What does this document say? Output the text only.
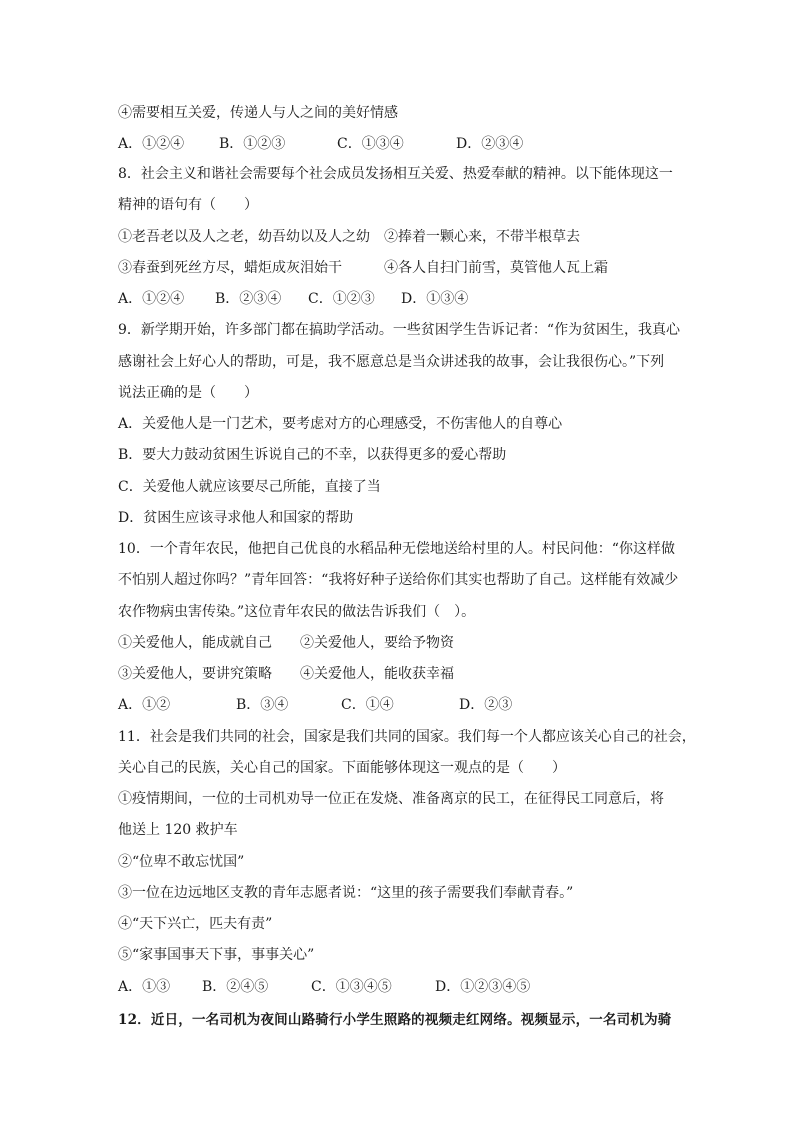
④需要相互关爱，传递人与人之间的美好情感
A．①②④ B．①②③	C．①③④	D．②③④
8．社会主义和谐社会需要每个社会成员发扬相互关爱、热爱奉献的精神。以下能体现这一
精神的语句有（　　）
①老吾老以及人之老，幼吾幼以及人之幼　②捧着一颗心来，不带半根草去
③春蚕到死丝方尽，蜡炬成灰泪始干　　　④各人自扫门前雪，莫管他人瓦上霜
A．①②④ B．②③④ C．①②③ D．①③④
9．新学期开始，许多部门都在搞助学活动。一些贫困学生告诉记者：“作为贫困生，我真心
感谢社会上好心人的帮助，可是，我不愿意总是当众讲述我的故事，会让我很伤心。”下列
说法正确的是（　　）
A．关爱他人是一门艺术，要考虑对方的心理感受，不伤害他人的自尊心
B．要大力鼓动贫困生诉说自己的不幸，以获得更多的爱心帮助
C．关爱他人就应该要尽己所能，直接了当
D．贫困生应该寻求他人和国家的帮助
10．一个青年农民，他把自己优良的水稻品种无偿地送给村里的人。村民问他：“你这样做
不怕别人超过你吗？”青年回答：“我将好种子送给你们其实也帮助了自己。这样能有效减少
农作物病虫害传染。”这位青年农民的做法告诉我们（　）。
①关爱他人，能成就自己　　②关爱他人，要给予物资
③关爱他人，要讲究策略　　④关爱他人，能收获幸福
A．①②	B．③④	C．①④	D．②③
11．社会是我们共同的社会，国家是我们共同的国家。我们每一个人都应该关心自己的社会，
关心自己的民族，关心自己的国家。下面能够体现这一观点的是（　　）
①疫情期间，一位的士司机劝导一位正在发烧、准备离京的民工，在征得民工同意后，将
他送上 120 救护车
②“位卑不敢忘忧国”
③一位在边远地区支教的青年志愿者说：“这里的孩子需要我们奉献青春。”
④“天下兴亡，匹夫有责”
⑤“家事国事天下事，事事关心”
A．①③ B．②④⑤	C．①③④⑤	D．①②③④⑤
12．近日，一名司机为夜间山路骑行小学生照路的视频走红网络。视频显示，一名司机为骑
